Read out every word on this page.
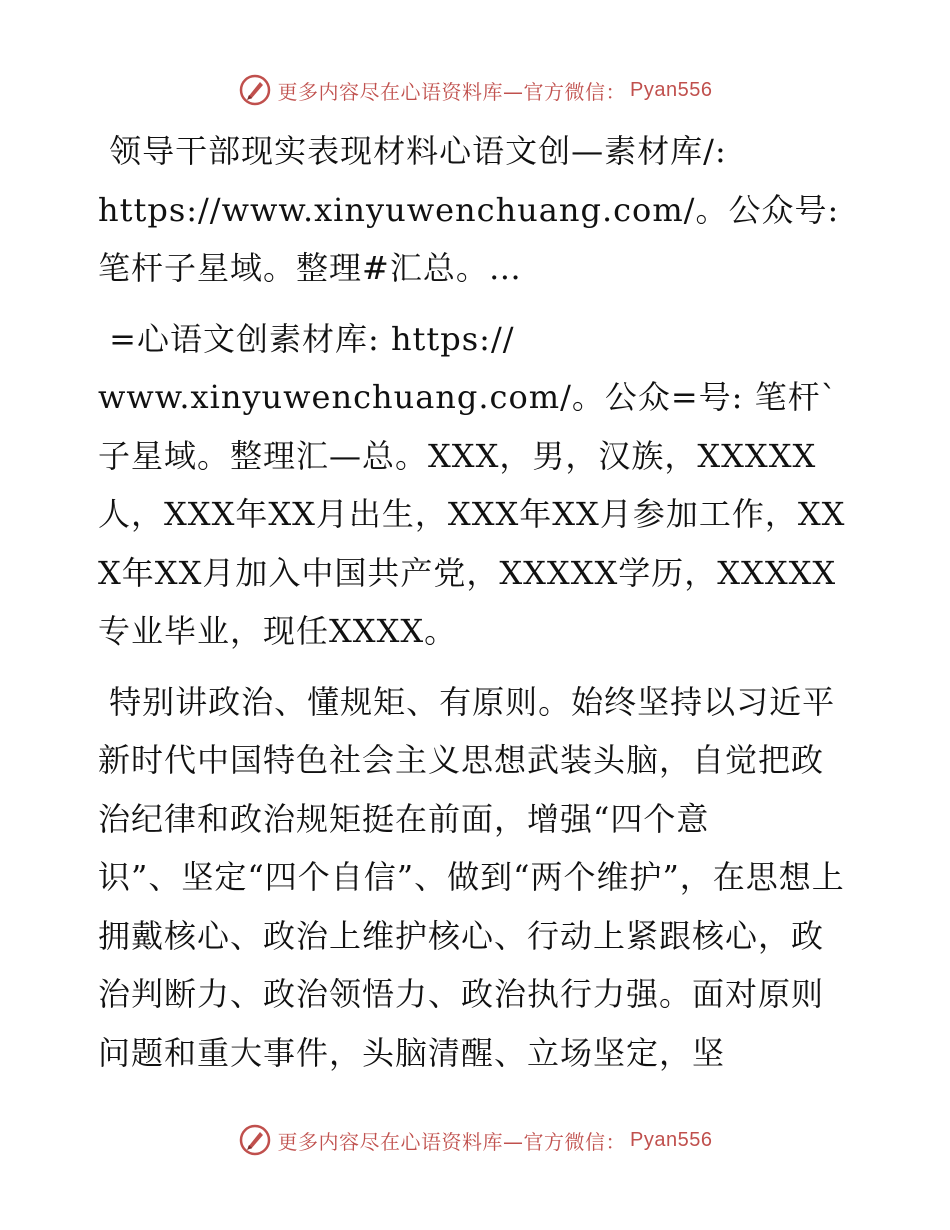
更多内容尽在心语资料库—官方微信： Pyan556

领导干部现实表现材料心语文创—素材库/:
https://www.xinyuwenchuang.com/。公众号: 笔杆子星域。整理#汇总。…

=心语文创素材库: https://
www.xinyuwenchuang.com/。公众=号: 笔杆`子星域。整理汇—总。XXX，男，汉族，XXXXX人，XXX年XX月出生，XXX年XX月参加工作，XXX年XX月加入中国共产党，XXXXX学历，XXXXX专业毕业，现任XXXX。

特别讲政治、懂规矩、有原则。始终坚持以习近平新时代中国特色社会主义思想武装头脑，自觉把政治纪律和政治规矩挺在前面，增强“四个意
识”、坚定“四个自信”、做到“两个维护”，在思想上拥戴核心、政治上维护核心、行动上紧跟核心，政治判断力、政治领悟力、政治执行力强。面对原则问题和重大事件，头脑清醒、立场坚定，坚

更多内容尽在心语资料库—官方微信： Pyan556
